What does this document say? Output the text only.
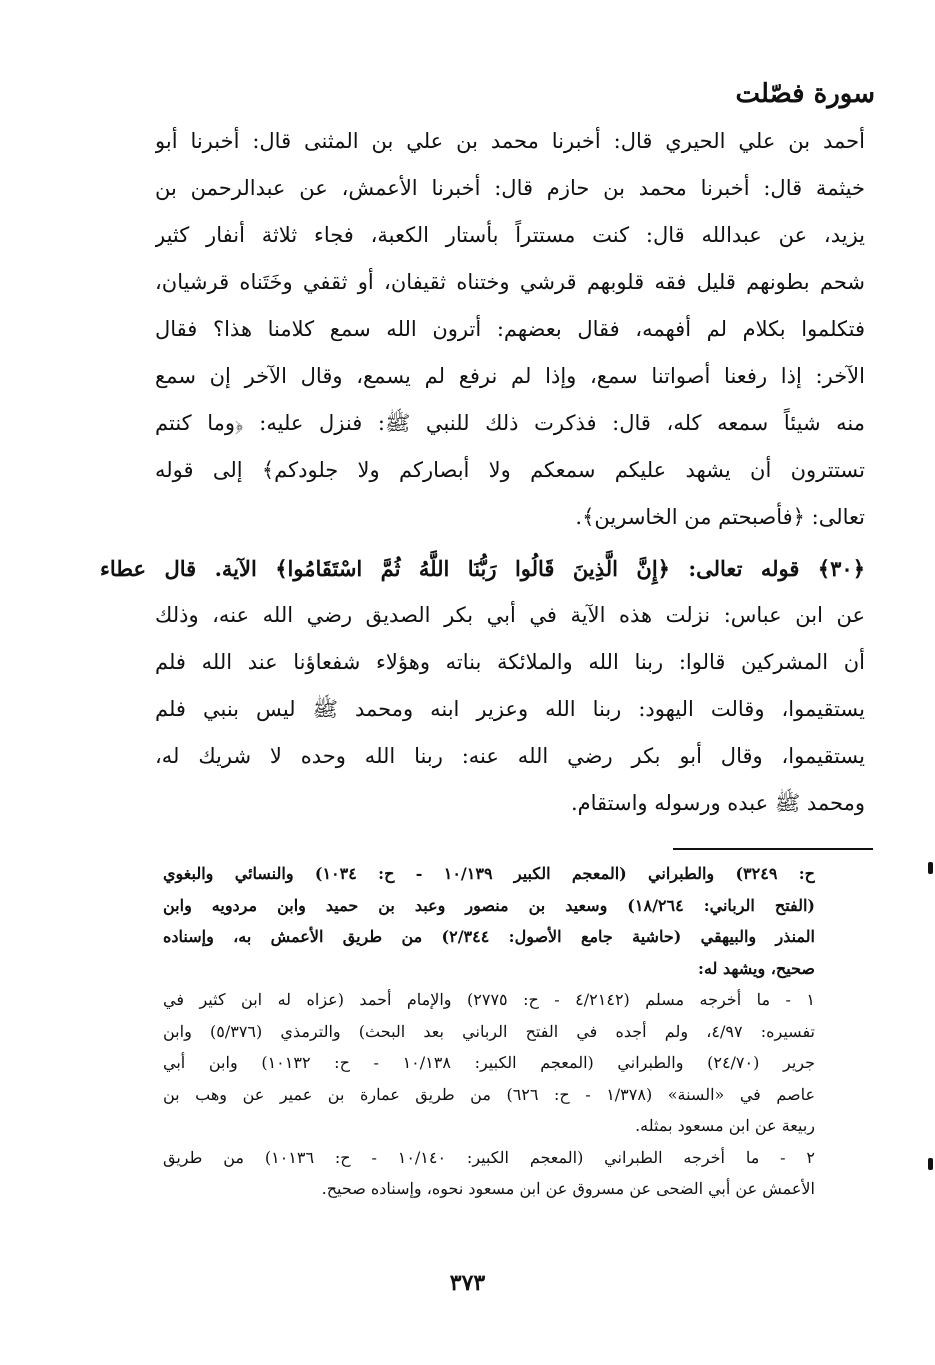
سورة فصّلت
أحمد بن علي الحيري قال: أخبرنا محمد بن علي بن المثنى قال: أخبرنا أبو
خيثمة قال: أخبرنا محمد بن حازم قال: أخبرنا الأعمش، عن عبدالرحمن بن
يزيد، عن عبدالله قال: كنت مستتراً بأستار الكعبة، فجاء ثلاثة أنفار كثير
شحم بطونهم قليل فقه قلوبهم قرشي وختناه ثقيفان، أو ثقفي وخَتَناه قرشيان،
فتكلموا بكلام لم أفهمه، فقال بعضهم: أترون الله سمع كلامنا هذا؟ فقال
الآخر: إذا رفعنا أصواتنا سمع، وإذا لم نرفع لم يسمع، وقال الآخر إن سمع
منه شيئاً سمعه كله، قال: فذكرت ذلك للنبي ﷺ: فنزل عليه: ﴿وما كنتم
تستترون أن يشهد عليكم سمعكم ولا أبصاركم ولا جلودكم﴾ إلى قوله
تعالى: ﴿فأصبحتم من الخاسرين﴾.
﴿٣٠﴾ قوله تعالى: ﴿إِنَّ الَّذِينَ قَالُوا رَبُّنَا اللَّهُ ثُمَّ اسْتَقَامُوا﴾ الآية. قال عطاء
عن ابن عباس: نزلت هذه الآية في أبي بكر الصديق رضي الله عنه، وذلك
أن المشركين قالوا: ربنا الله والملائكة بناته وهؤلاء شفعاؤنا عند الله فلم
يستقيموا، وقالت اليهود: ربنا الله وعزير ابنه ومحمد ﷺ ليس بنبي فلم
يستقيموا، وقال أبو بكر رضي الله عنه: ربنا الله وحده لا شريك له،
ومحمد ﷺ عبده ورسوله واستقام.
ح: ٣٢٤٩) والطبراني (المعجم الكبير ١٠/١٣٩ - ح: ١٠٣٤) والنسائي والبغوي
(الفتح الرباني: ١٨/٢٦٤) وسعيد بن منصور وعبد بن حميد وابن مردويه وابن
المنذر والبيهقي (حاشية جامع الأصول: ٢/٣٤٤) من طريق الأعمش به، وإسناده
صحيح، ويشهد له:
١ - ما أخرجه مسلم (٤/٢١٤٢ - ح: ٢٧٧٥) والإمام أحمد (عزاه له ابن كثير في
تفسيره: ٤/٩٧، ولم أجده في الفتح الرباني بعد البحث) والترمذي (٥/٣٧٦) وابن
جرير (٢٤/٧٠) والطبراني (المعجم الكبير: ١٠/١٣٨ - ح: ١٠١٣٢) وابن أبي
عاصم في «السنة» (١/٣٧٨ - ح: ٦٢٦) من طريق عمارة بن عمير عن وهب بن
ربيعة عن ابن مسعود بمثله.
٢ - ما أخرجه الطبراني (المعجم الكبير: ١٠/١٤٠ - ح: ١٠١٣٦) من طريق
الأعمش عن أبي الضحى عن مسروق عن ابن مسعود نحوه، وإسناده صحيح.
٣٧٣
